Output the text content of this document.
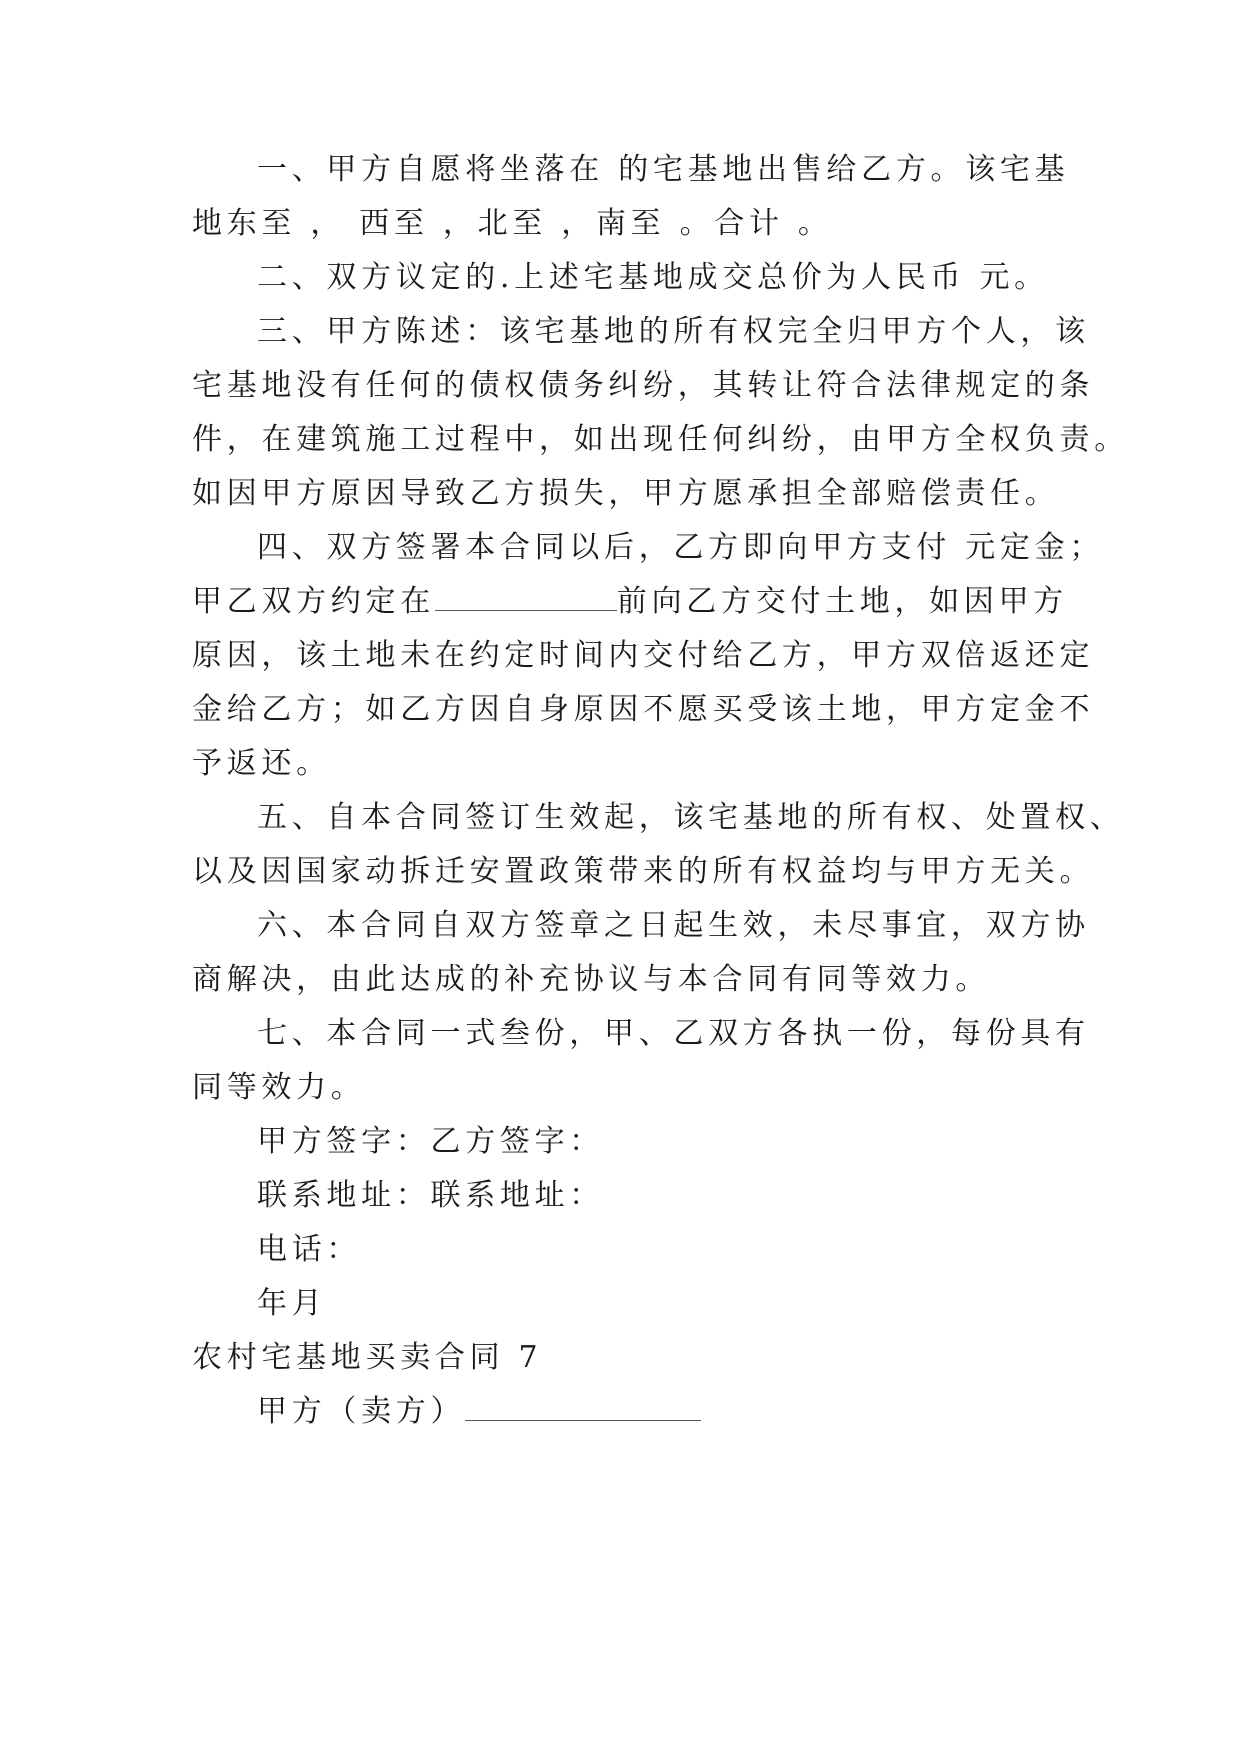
一、甲方自愿将坐落在 的宅基地出售给乙方。该宅基
地东至 ， 西至 ，北至 ，南至 。合计 。
二、双方议定的.上述宅基地成交总价为人民币 元。
三、甲方陈述：该宅基地的所有权完全归甲方个人，该
宅基地没有任何的债权债务纠纷，其转让符合法律规定的条
件，在建筑施工过程中，如出现任何纠纷，由甲方全权负责。
如因甲方原因导致乙方损失，甲方愿承担全部赔偿责任。
四、双方签署本合同以后，乙方即向甲方支付 元定金；
甲乙双方约定在	前向乙方交付土地，如因甲方
原因，该土地未在约定时间内交付给乙方，甲方双倍返还定
金给乙方；如乙方因自身原因不愿买受该土地，甲方定金不
予返还。
五、自本合同签订生效起，该宅基地的所有权、处置权、
以及因国家动拆迁安置政策带来的所有权益均与甲方无关。
六、本合同自双方签章之日起生效，未尽事宜，双方协
商解决，由此达成的补充协议与本合同有同等效力。
七、本合同一式叁份，甲、乙双方各执一份，每份具有
同等效力。
甲方签字：乙方签字：
联系地址：联系地址：
电话：
年月
农村宅基地买卖合同 7
甲方（卖方）
